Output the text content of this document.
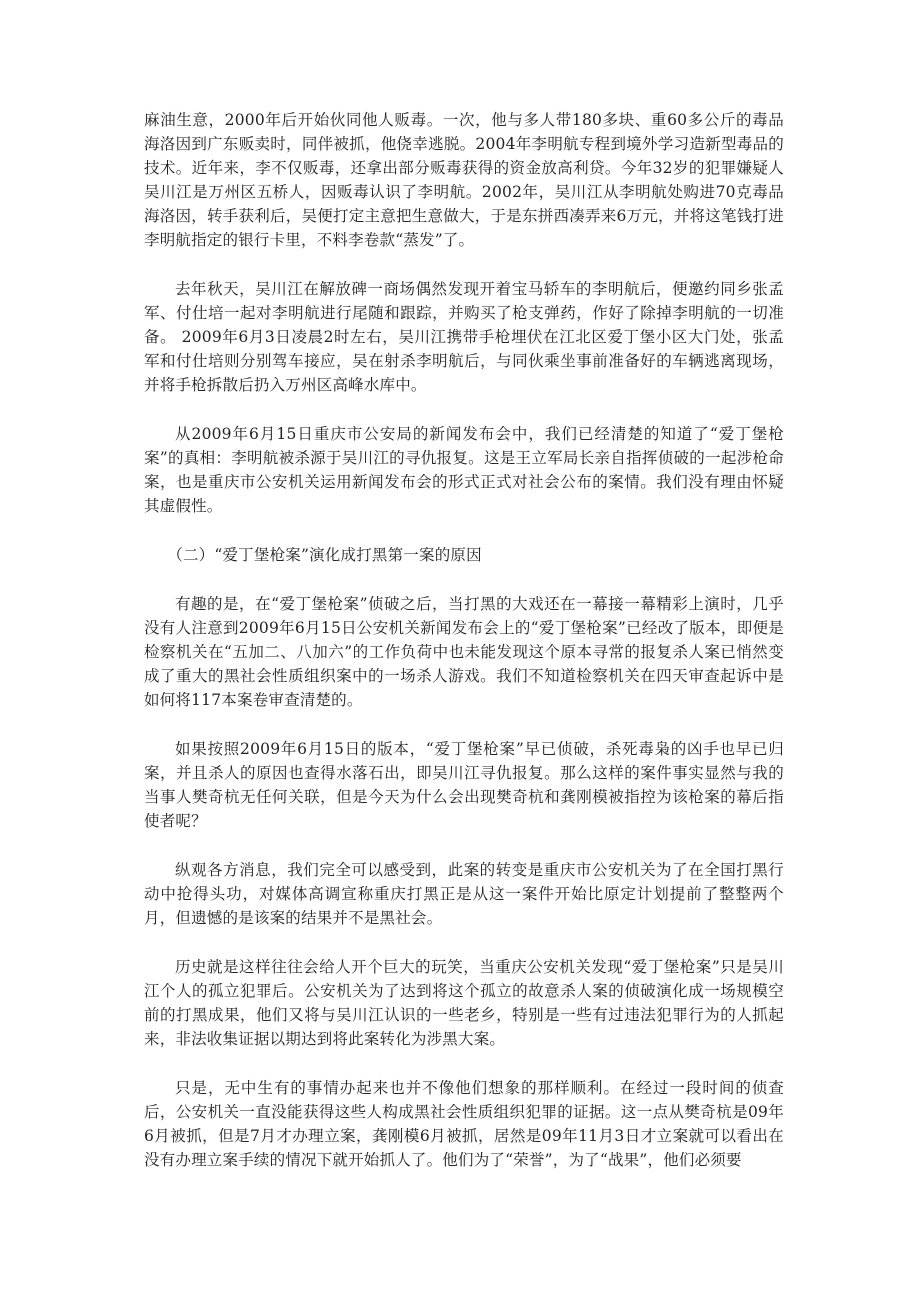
麻油生意，2000年后开始伙同他人贩毒。一次，他与多人带180多块、重60多公斤的毒品海洛因到广东贩卖时，同伴被抓，他侥幸逃脱。2004年李明航专程到境外学习造新型毒品的技术。近年来，李不仅贩毒，还拿出部分贩毒获得的资金放高利贷。今年32岁的犯罪嫌疑人吴川江是万州区五桥人，因贩毒认识了李明航。2002年，吴川江从李明航处购进70克毒品海洛因，转手获利后，吴便打定主意把生意做大，于是东拼西凑弄来6万元，并将这笔钱打进李明航指定的银行卡里，不料李卷款“蒸发”了。

去年秋天，吴川江在解放碑一商场偶然发现开着宝马轿车的李明航后，便邀约同乡张孟军、付仕培一起对李明航进行尾随和跟踪，并购买了枪支弹药，作好了除掉李明航的一切准备。 2009年6月3日凌晨2时左右，吴川江携带手枪埋伏在江北区爱丁堡小区大门处，张孟军和付仕培则分别驾车接应，吴在射杀李明航后，与同伙乘坐事前准备好的车辆逃离现场，并将手枪拆散后扔入万州区高峰水库中。

从2009年6月15日重庆市公安局的新闻发布会中，我们已经清楚的知道了“爱丁堡枪案”的真相：李明航被杀源于吴川江的寻仇报复。这是王立军局长亲自指挥侦破的一起涉枪命案，也是重庆市公安机关运用新闻发布会的形式正式对社会公布的案情。我们没有理由怀疑其虚假性。

（二）“爱丁堡枪案”演化成打黑第一案的原因

有趣的是，在“爱丁堡枪案”侦破之后，当打黑的大戏还在一幕接一幕精彩上演时，几乎没有人注意到2009年6月15日公安机关新闻发布会上的“爱丁堡枪案”已经改了版本，即便是检察机关在“五加二、八加六”的工作负荷中也未能发现这个原本寻常的报复杀人案已悄然变成了重大的黑社会性质组织案中的一场杀人游戏。我们不知道检察机关在四天审查起诉中是如何将117本案卷审查清楚的。

如果按照2009年6月15日的版本，“爱丁堡枪案”早已侦破，杀死毒枭的凶手也早已归案，并且杀人的原因也查得水落石出，即吴川江寻仇报复。那么这样的案件事实显然与我的当事人樊奇杭无任何关联，但是今天为什么会出现樊奇杭和龚刚模被指控为该枪案的幕后指使者呢？

纵观各方消息，我们完全可以感受到，此案的转变是重庆市公安机关为了在全国打黑行动中抢得头功，对媒体高调宣称重庆打黑正是从这一案件开始比原定计划提前了整整两个月，但遗憾的是该案的结果并不是黑社会。

历史就是这样往往会给人开个巨大的玩笑，当重庆公安机关发现“爱丁堡枪案”只是吴川江个人的孤立犯罪后。公安机关为了达到将这个孤立的故意杀人案的侦破演化成一场规模空前的打黑成果，他们又将与吴川江认识的一些老乡，特别是一些有过违法犯罪行为的人抓起来，非法收集证据以期达到将此案转化为涉黑大案。

只是，无中生有的事情办起来也并不像他们想象的那样顺利。在经过一段时间的侦查后，公安机关一直没能获得这些人构成黑社会性质组织犯罪的证据。这一点从樊奇杭是09年6月被抓，但是7月才办理立案，龚刚模6月被抓，居然是09年11月3日才立案就可以看出在没有办理立案手续的情况下就开始抓人了。他们为了“荣誉”，为了“战果”，他们必须要
